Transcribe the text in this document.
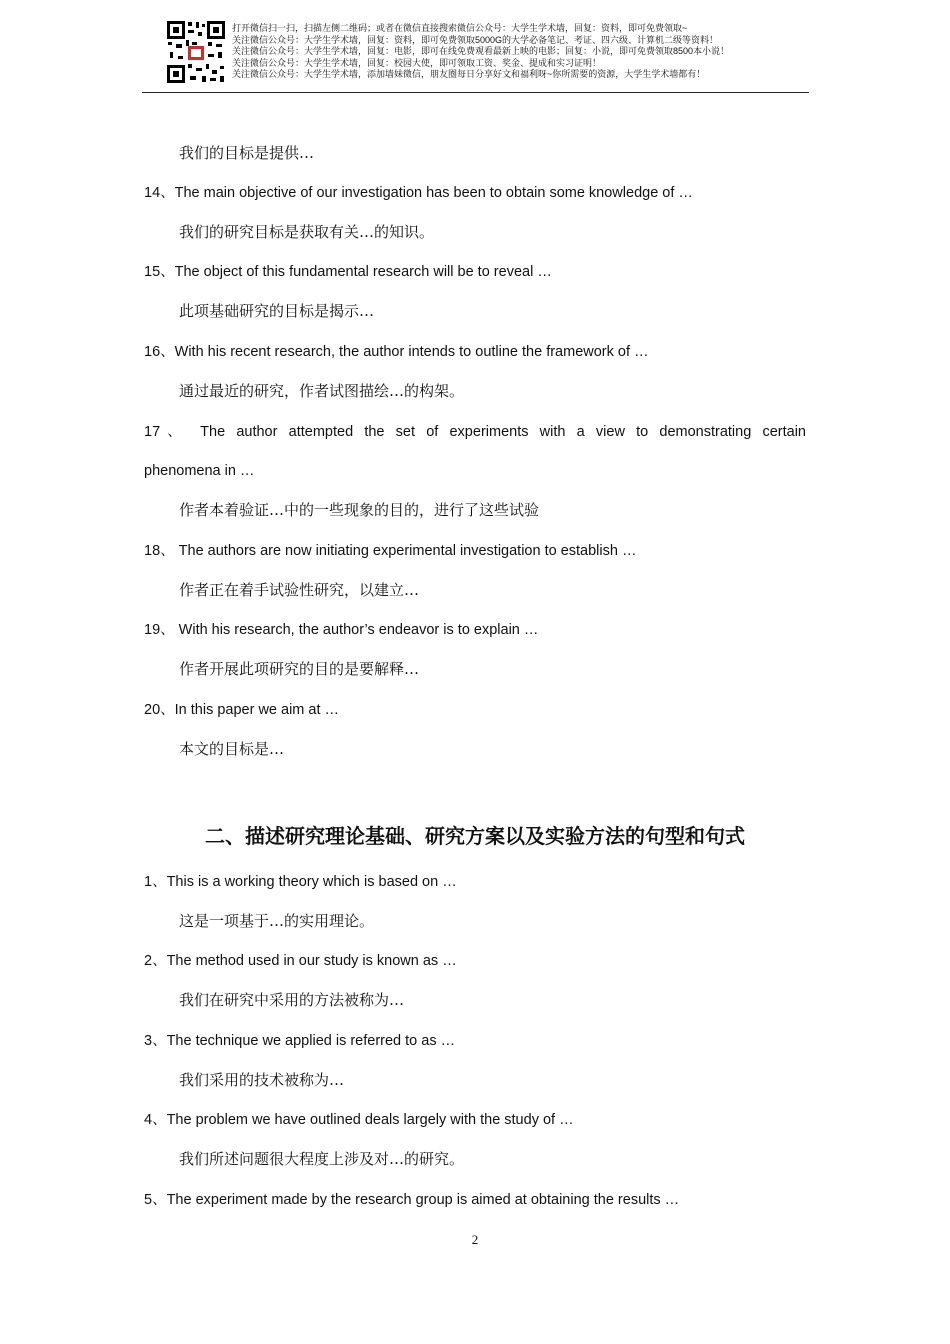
打开微信扫一扫，扫描左侧二维码；或者在微信直接搜索微信公众号：大学生学术墙，回复：资料，即可免费领取~
关注微信公众号：大学生学术墙，回复：资料，即可免费领取5000G的大学必备笔记、考证、四六级、计算机二级等资料！
关注微信公众号：大学生学术墙，回复：电影，即可在线免费观看最新上映的电影；回复：小说，即可免费领取8500本小说！
关注微信公众号：大学生学术墙，回复：校园大使，即可领取工资、奖金、提成和实习证明！
关注微信公众号：大学生学术墙，添加墙妹微信，朋友圈每日分享好文和福利呀~你所需要的资源，大学生学术墙都有！
我们的目标是提供…
14、The main objective of our investigation has been to obtain some knowledge of …
我们的研究目标是获取有关…的知识。
15、The object of this fundamental research will be to reveal …
此项基础研究的目标是揭示…
16、With his recent research, the author intends to outline the framework of …
通过最近的研究，作者试图描绘…的构架。
17、 The author attempted the set of experiments with a view to demonstrating certain
phenomena in …
作者本着验证…中的一些现象的目的，进行了这些试验
18、 The authors are now initiating experimental investigation to establish …
作者正在着手试验性研究，以建立…
19、 With his research, the author’s endeavor is to explain …
作者开展此项研究的目的是要解释…
20、In this paper we aim at …
本文的目标是…
二、描述研究理论基础、研究方案以及实验方法的句型和句式
1、This is a working theory which is based on …
这是一项基于…的实用理论。
2、The method used in our study is known as …
我们在研究中采用的方法被称为…
3、The technique we applied is referred to as …
我们采用的技术被称为…
4、The problem we have outlined deals largely with the study of …
我们所述问题很大程度上涉及对…的研究。
5、The experiment made by the research group is aimed at obtaining the results …
2
